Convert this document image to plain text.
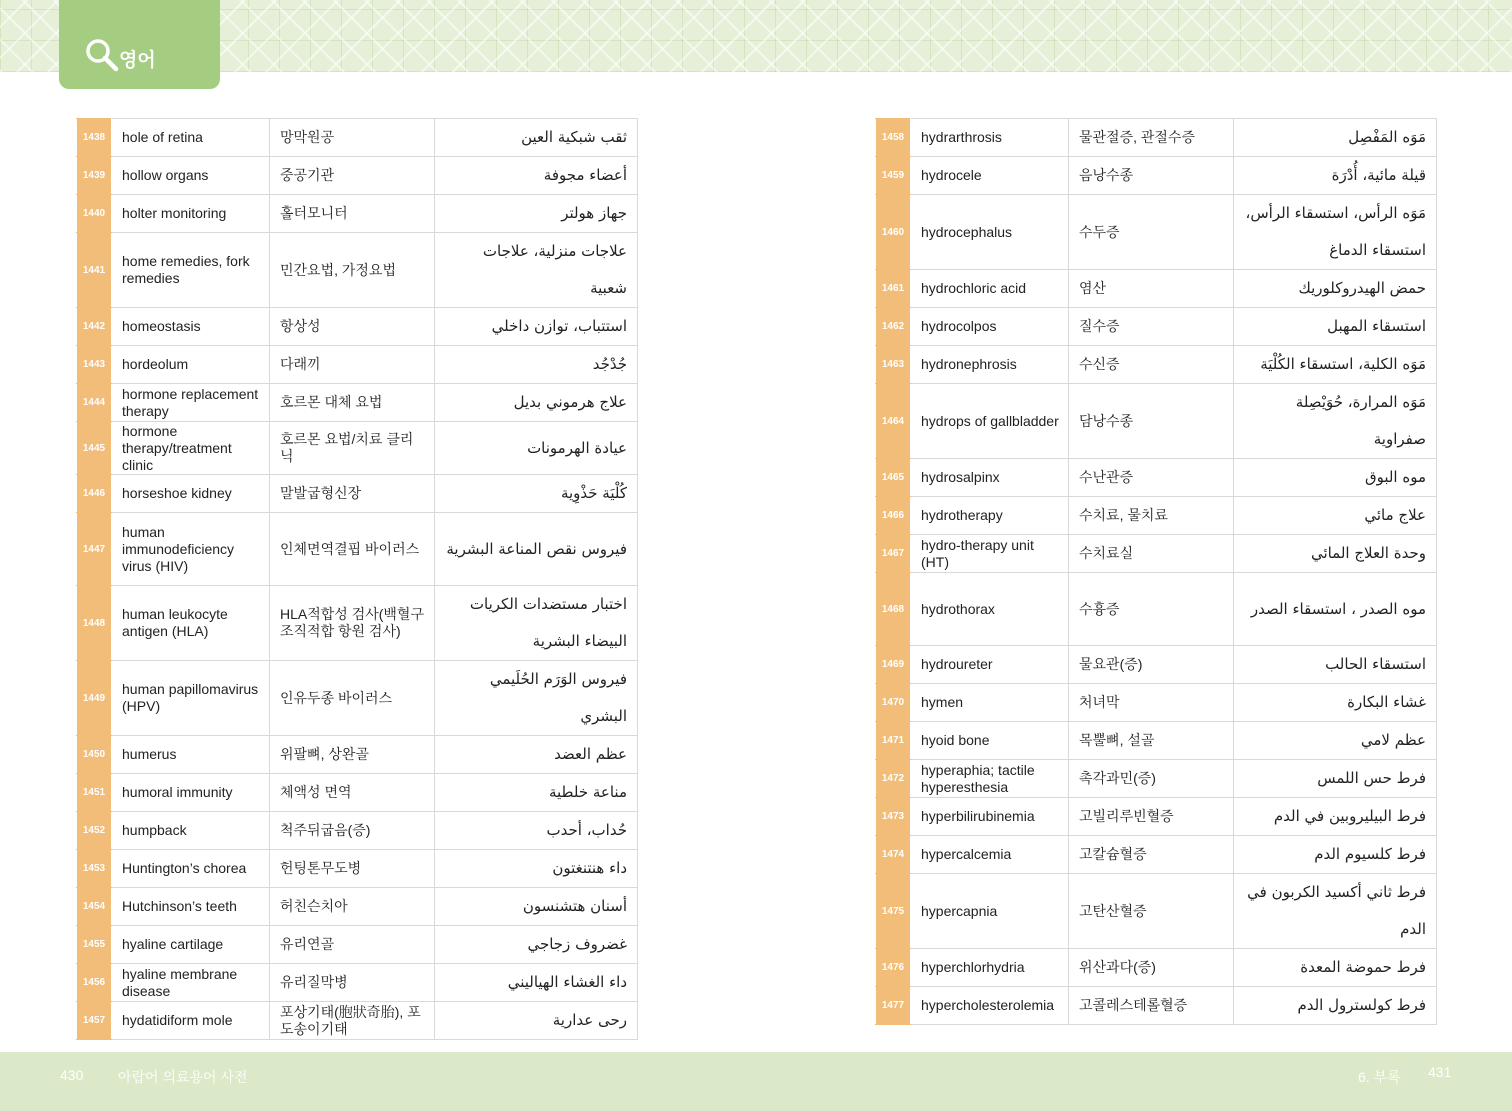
영어
1438	hole of retina	망막원공	ثقب شبكية العين
1439	hollow organs	중공기관	أعضاء مجوفة
1440	holter monitoring	홀터모니터	جهاز هولتر
1441	home remedies, fork remedies	민간요법, 가정요법	علاجات منزلية، علاجات شعبية
1442	homeostasis	항상성	استتباب، توازن داخلي
1443	hordeolum	다래끼	جُدْجُد
1444	hormone replacement therapy	호르몬 대체 요법	علاج هرموني بديل
1445	hormone therapy/treatment clinic	호르몬 요법/치료 클리닉	عيادة الهرمونات
1446	horseshoe kidney	말발굽형신장	كُلْيَة حَذْوِية
1447	human immunodeficiency virus (HIV)	인체면역결핍 바이러스	فيروس نقص المناعة البشرية
1448	human leukocyte antigen (HLA)	HLA적합성 검사(백혈구 조직적합 항원 검사)	اختبار مستضدات الكريات البيضاء البشرية
1449	human papillomavirus (HPV)	인유두종 바이러스	فيروس الوَرَم الحُلَيمي البشري
1450	humerus	위팔뼈, 상완골	عظم العضد
1451	humoral immunity	체액성 면역	مناعة خلطية
1452	humpback	척주뒤굽음(증)	حُداب، أحدب
1453	Huntington’s chorea	헌팅톤무도병	داء هنتنغتون
1454	Hutchinson’s teeth	허친슨치아	أسنان هتشنسون
1455	hyaline cartilage	유리연골	غضروف زجاجي
1456	hyaline membrane disease	유리질막병	داء الغشاء الهياليني
1457	hydatidiform mole	포상기태(胞狀奇胎), 포도송이기태	رحى عدارية
1458	hydrarthrosis	물관절증, 관절수증	مَوَه المَفْصِل
1459	hydrocele	음낭수종	قيلة مائية، أُدْرَة
1460	hydrocephalus	수두증	مَوَه الرأس، استسقاء الرأس، استسقاء الدماغ
1461	hydrochloric acid	염산	حمض الهيدروكلوريك
1462	hydrocolpos	질수증	استسقاء المهبل
1463	hydronephrosis	수신증	مَوَه الكلية، استسقاء الكُلْيَة
1464	hydrops of gallbladder	담낭수종	مَوَه المرارة، حُوَيْصِلة صفراوية
1465	hydrosalpinx	수난관증	موه البوق
1466	hydrotherapy	수치료, 물치료	علاج مائي
1467	hydro-therapy unit (HT)	수치료실	وحدة العلاج المائي
1468	hydrothorax	수흉증	موه الصدر ، استسقاء الصدر
1469	hydroureter	물요관(증)	استسقاء الحالب
1470	hymen	처녀막	غشاء البكارة
1471	hyoid bone	목뿔뼈, 설골	عظم لامي
1472	hyperaphia; tactile hyperesthesia	촉각과민(증)	فرط حس اللمس
1473	hyperbilirubinemia	고빌리루빈혈증	فرط البيليروبين في الدم
1474	hypercalcemia	고칼슘혈증	فرط كلسيوم الدم
1475	hypercapnia	고탄산혈증	فرط ثاني أكسيد الكربون في الدم
1476	hyperchlorhydria	위산과다(증)	فرط حموضة المعدة
1477	hypercholesterolemia	고콜레스테롤혈증	فرط كولسترول الدم
430 아랍어 의료용어 사전	6. 부록 431
